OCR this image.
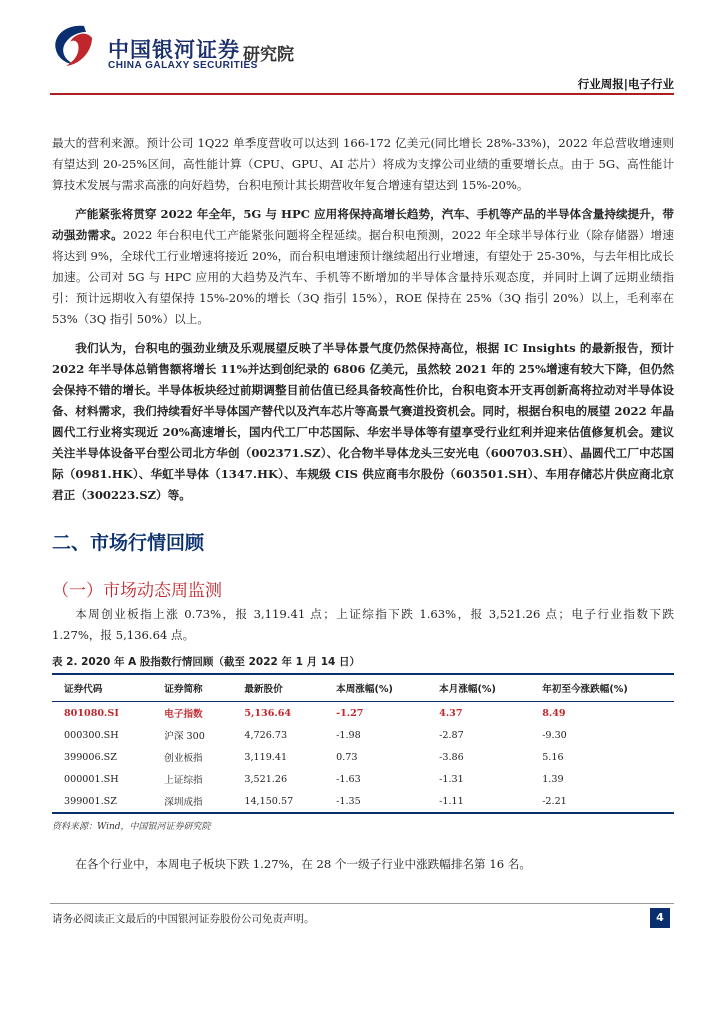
中国银河证券
CHINA GALAXY SECURITIES
研究院
行业周报|电子行业

最大的营利来源。预计公司 1Q22 单季度营收可以达到 166-172 亿美元(同比增长 28%-33%)，2022 年总营收增速则有望达到 20-25%区间，高性能计算（CPU、GPU、AI 芯片）将成为支撑公司业绩的重要增长点。由于 5G、高性能计算技术发展与需求高涨的向好趋势，台积电预计其长期营收年复合增速有望达到 15%-20%。

产能紧张将贯穿 2022 年全年，5G 与 HPC 应用将保持高增长趋势，汽车、手机等产品的半导体含量持续提升，带动强劲需求。2022 年台积电代工产能紧张问题将全程延续。据台积电预测，2022 年全球半导体行业（除存储器）增速将达到 9%，全球代工行业增速将接近 20%，而台积电增速预计继续超出行业增速，有望处于 25-30%，与去年相比成长加速。公司对 5G 与 HPC 应用的大趋势及汽车、手机等不断增加的半导体含量持乐观态度，并同时上调了远期业绩指引：预计远期收入有望保持 15%-20%的增长（3Q 指引 15%），ROE 保持在 25%（3Q 指引 20%）以上，毛利率在 53%（3Q 指引 50%）以上。

我们认为，台积电的强劲业绩及乐观展望反映了半导体景气度仍然保持高位，根据 IC Insights 的最新报告，预计 2022 年半导体总销售额将增长 11%并达到创纪录的 6806 亿美元，虽然较 2021 年的 25%增速有较大下降，但仍然会保持不错的增长。半导体板块经过前期调整目前估值已经具备较高性价比，台积电资本开支再创新高将拉动对半导体设备、材料需求，我们持续看好半导体国产替代以及汽车芯片等高景气赛道投资机会。同时，根据台积电的展望 2022 年晶圆代工行业将实现近 20%高速增长，国内代工厂中芯国际、华宏半导体等有望享受行业红利并迎来估值修复机会。建议关注半导体设备平台型公司北方华创（002371.SZ）、化合物半导体龙头三安光电（600703.SH）、晶圆代工厂中芯国际（0981.HK）、华虹半导体（1347.HK）、车规级 CIS 供应商韦尔股份（603501.SH）、车用存储芯片供应商北京君正（300223.SZ）等。

二、市场行情回顾
（一）市场动态周监测

本周创业板指上涨 0.73%，报 3,119.41 点；上证综指下跌 1.63%，报 3,521.26 点；电子行业指数下跌 1.27%，报 5,136.64 点。

表 2. 2020 年 A 股指数行情回顾（截至 2022 年 1 月 14 日）
证券代码	证券简称	最新股价	本周涨幅(%)	本月涨幅(%)	年初至今涨跌幅(%)
801080.SI	电子指数	5,136.64	-1.27	4.37	8.49
000300.SH	沪深 300	4,726.73	-1.98	-2.87	-9.30
399006.SZ	创业板指	3,119.41	0.73	-3.86	5.16
000001.SH	上证综指	3,521.26	-1.63	-1.31	1.39
399001.SZ	深圳成指	14,150.57	-1.35	-1.11	-2.21
资料来源：Wind，中国银河证券研究院

在各个行业中，本周电子板块下跌 1.27%，在 28 个一级子行业中涨跌幅排名第 16 名。

请务必阅读正文最后的中国银河证券股份公司免责声明。	4
